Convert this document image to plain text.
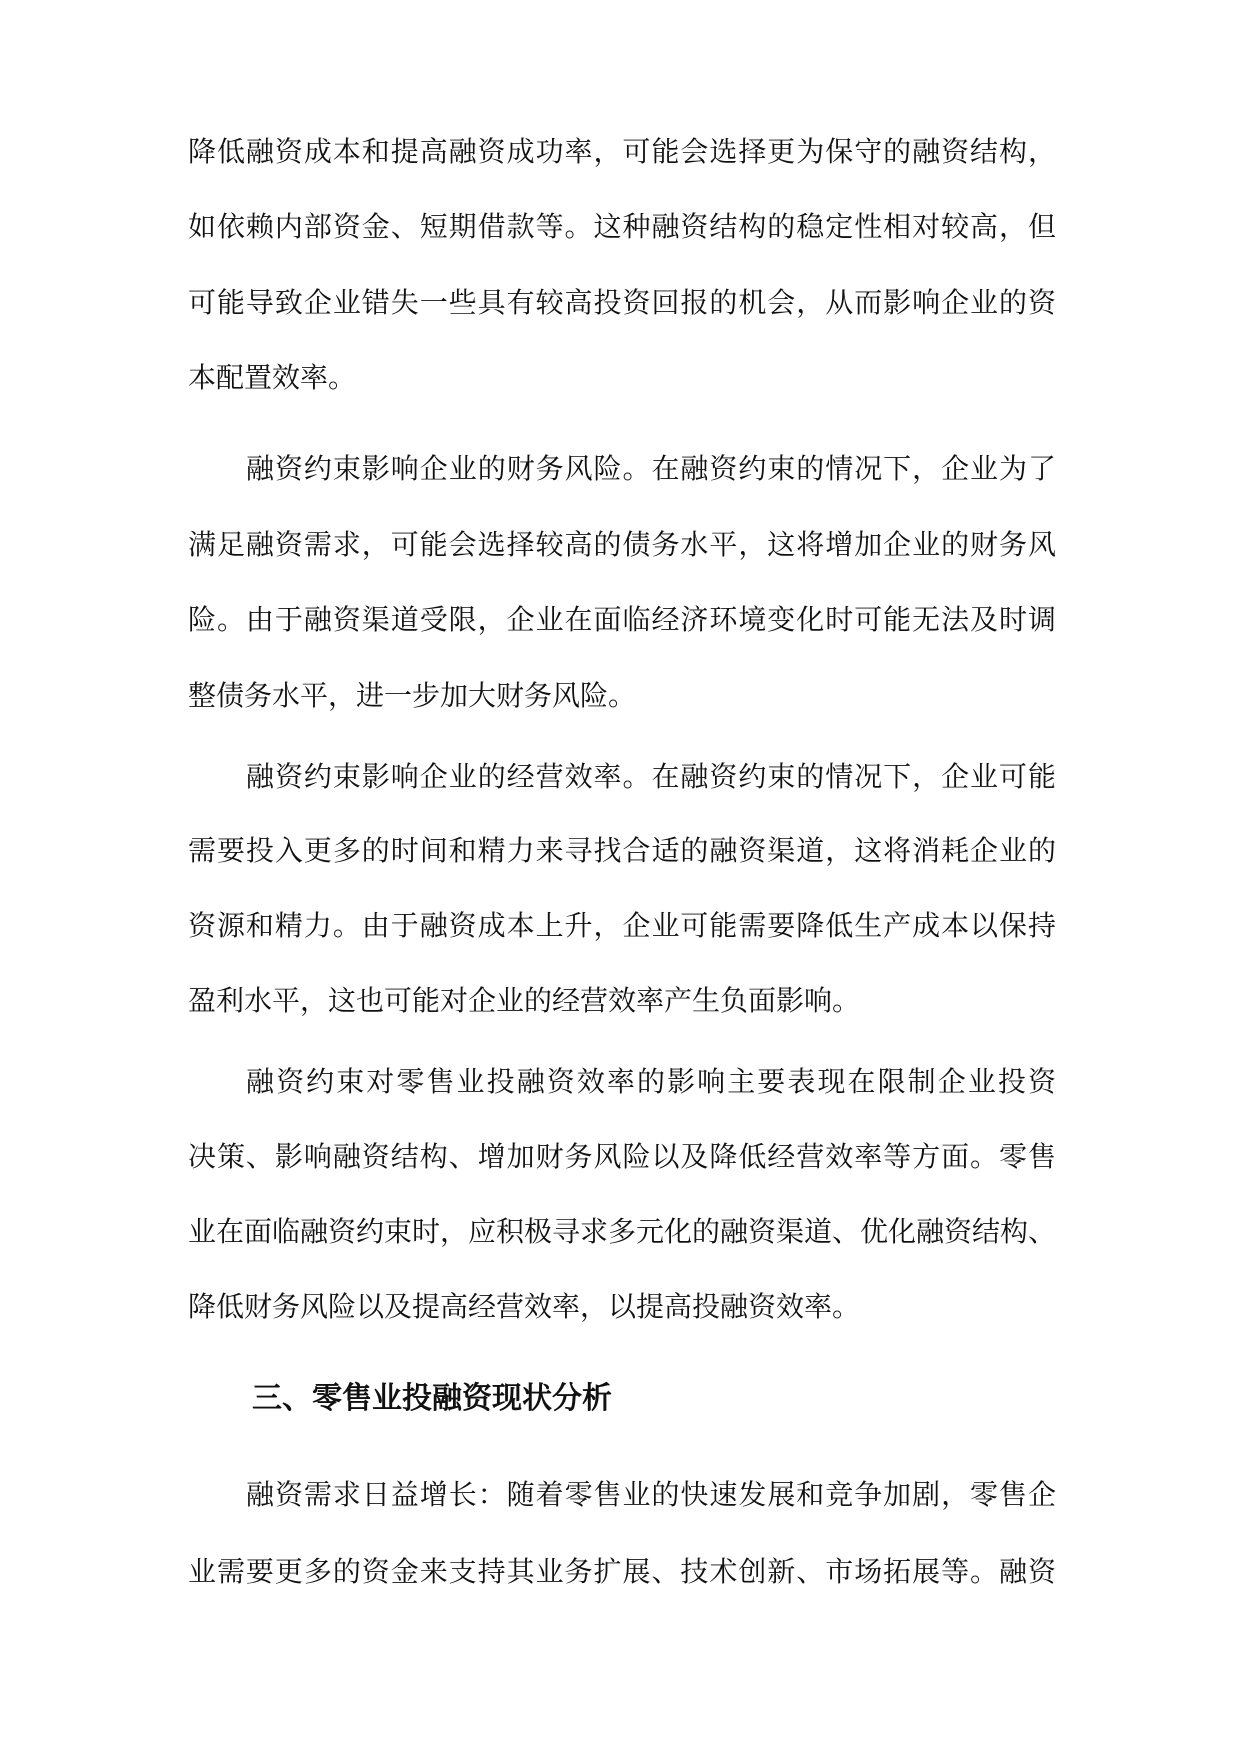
降低融资成本和提高融资成功率，可能会选择更为保守的融资结构，
如依赖内部资金、短期借款等。这种融资结构的稳定性相对较高，但
可能导致企业错失一些具有较高投资回报的机会，从而影响企业的资
本配置效率。
融资约束影响企业的财务风险。在融资约束的情况下，企业为了
满足融资需求，可能会选择较高的债务水平，这将增加企业的财务风
险。由于融资渠道受限，企业在面临经济环境变化时可能无法及时调
整债务水平，进一步加大财务风险。
融资约束影响企业的经营效率。在融资约束的情况下，企业可能
需要投入更多的时间和精力来寻找合适的融资渠道，这将消耗企业的
资源和精力。由于融资成本上升，企业可能需要降低生产成本以保持
盈利水平，这也可能对企业的经营效率产生负面影响。
融资约束对零售业投融资效率的影响主要表现在限制企业投资
决策、影响融资结构、增加财务风险以及降低经营效率等方面。零售
业在面临融资约束时，应积极寻求多元化的融资渠道、优化融资结构、
降低财务风险以及提高经营效率，以提高投融资效率。
三、零售业投融资现状分析
融资需求日益增长：随着零售业的快速发展和竞争加剧，零售企
业需要更多的资金来支持其业务扩展、技术创新、市场拓展等。融资
